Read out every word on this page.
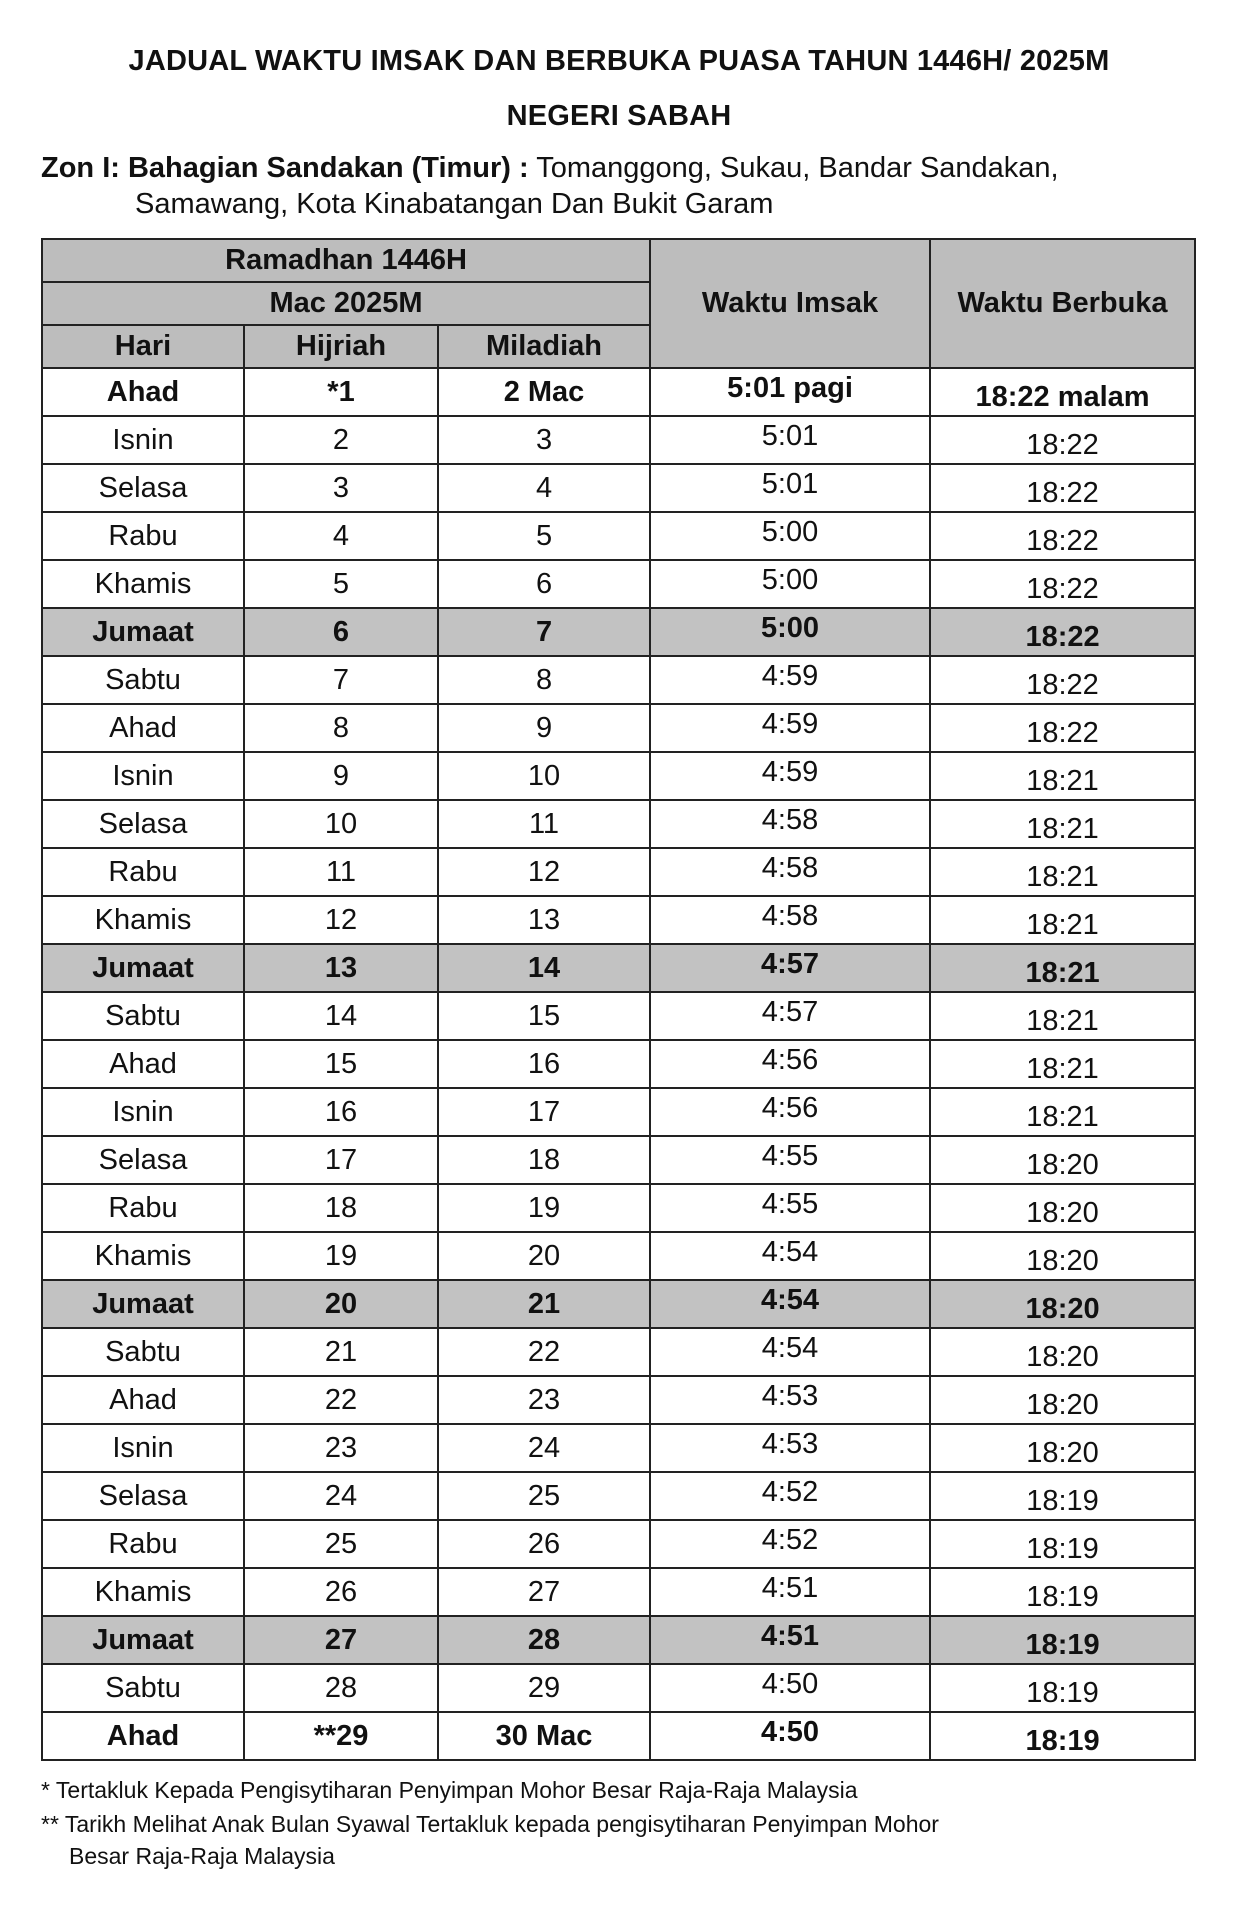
JADUAL WAKTU IMSAK DAN BERBUKA PUASA TAHUN 1446H/ 2025M
NEGERI SABAH
Zon I: Bahagian Sandakan (Timur) : Tomanggong, Sukau, Bandar Sandakan,
Samawang, Kota Kinabatangan Dan Bukit Garam
Ramadhan 1446H			Waktu Imsak	Waktu Berbuka
Mac 2025M				
Hari	Hijriah	Miladiah		
Ahad	*1	2 Mac	5:01 pagi	18:22 malam
Isnin	2	3	5:01	18:22
Selasa	3	4	5:01	18:22
Rabu	4	5	5:00	18:22
Khamis	5	6	5:00	18:22
Jumaat	6	7	5:00	18:22
Sabtu	7	8	4:59	18:22
Ahad	8	9	4:59	18:22
Isnin	9	10	4:59	18:21
Selasa	10	11	4:58	18:21
Rabu	11	12	4:58	18:21
Khamis	12	13	4:58	18:21
Jumaat	13	14	4:57	18:21
Sabtu	14	15	4:57	18:21
Ahad	15	16	4:56	18:21
Isnin	16	17	4:56	18:21
Selasa	17	18	4:55	18:20
Rabu	18	19	4:55	18:20
Khamis	19	20	4:54	18:20
Jumaat	20	21	4:54	18:20
Sabtu	21	22	4:54	18:20
Ahad	22	23	4:53	18:20
Isnin	23	24	4:53	18:20
Selasa	24	25	4:52	18:19
Rabu	25	26	4:52	18:19
Khamis	26	27	4:51	18:19
Jumaat	27	28	4:51	18:19
Sabtu	28	29	4:50	18:19
Ahad	**29	30 Mac	4:50	18:19
* Tertakluk Kepada Pengisytiharan Penyimpan Mohor Besar Raja-Raja Malaysia
** Tarikh Melihat Anak Bulan Syawal Tertakluk kepada pengisytiharan Penyimpan Mohor
Besar Raja-Raja Malaysia
